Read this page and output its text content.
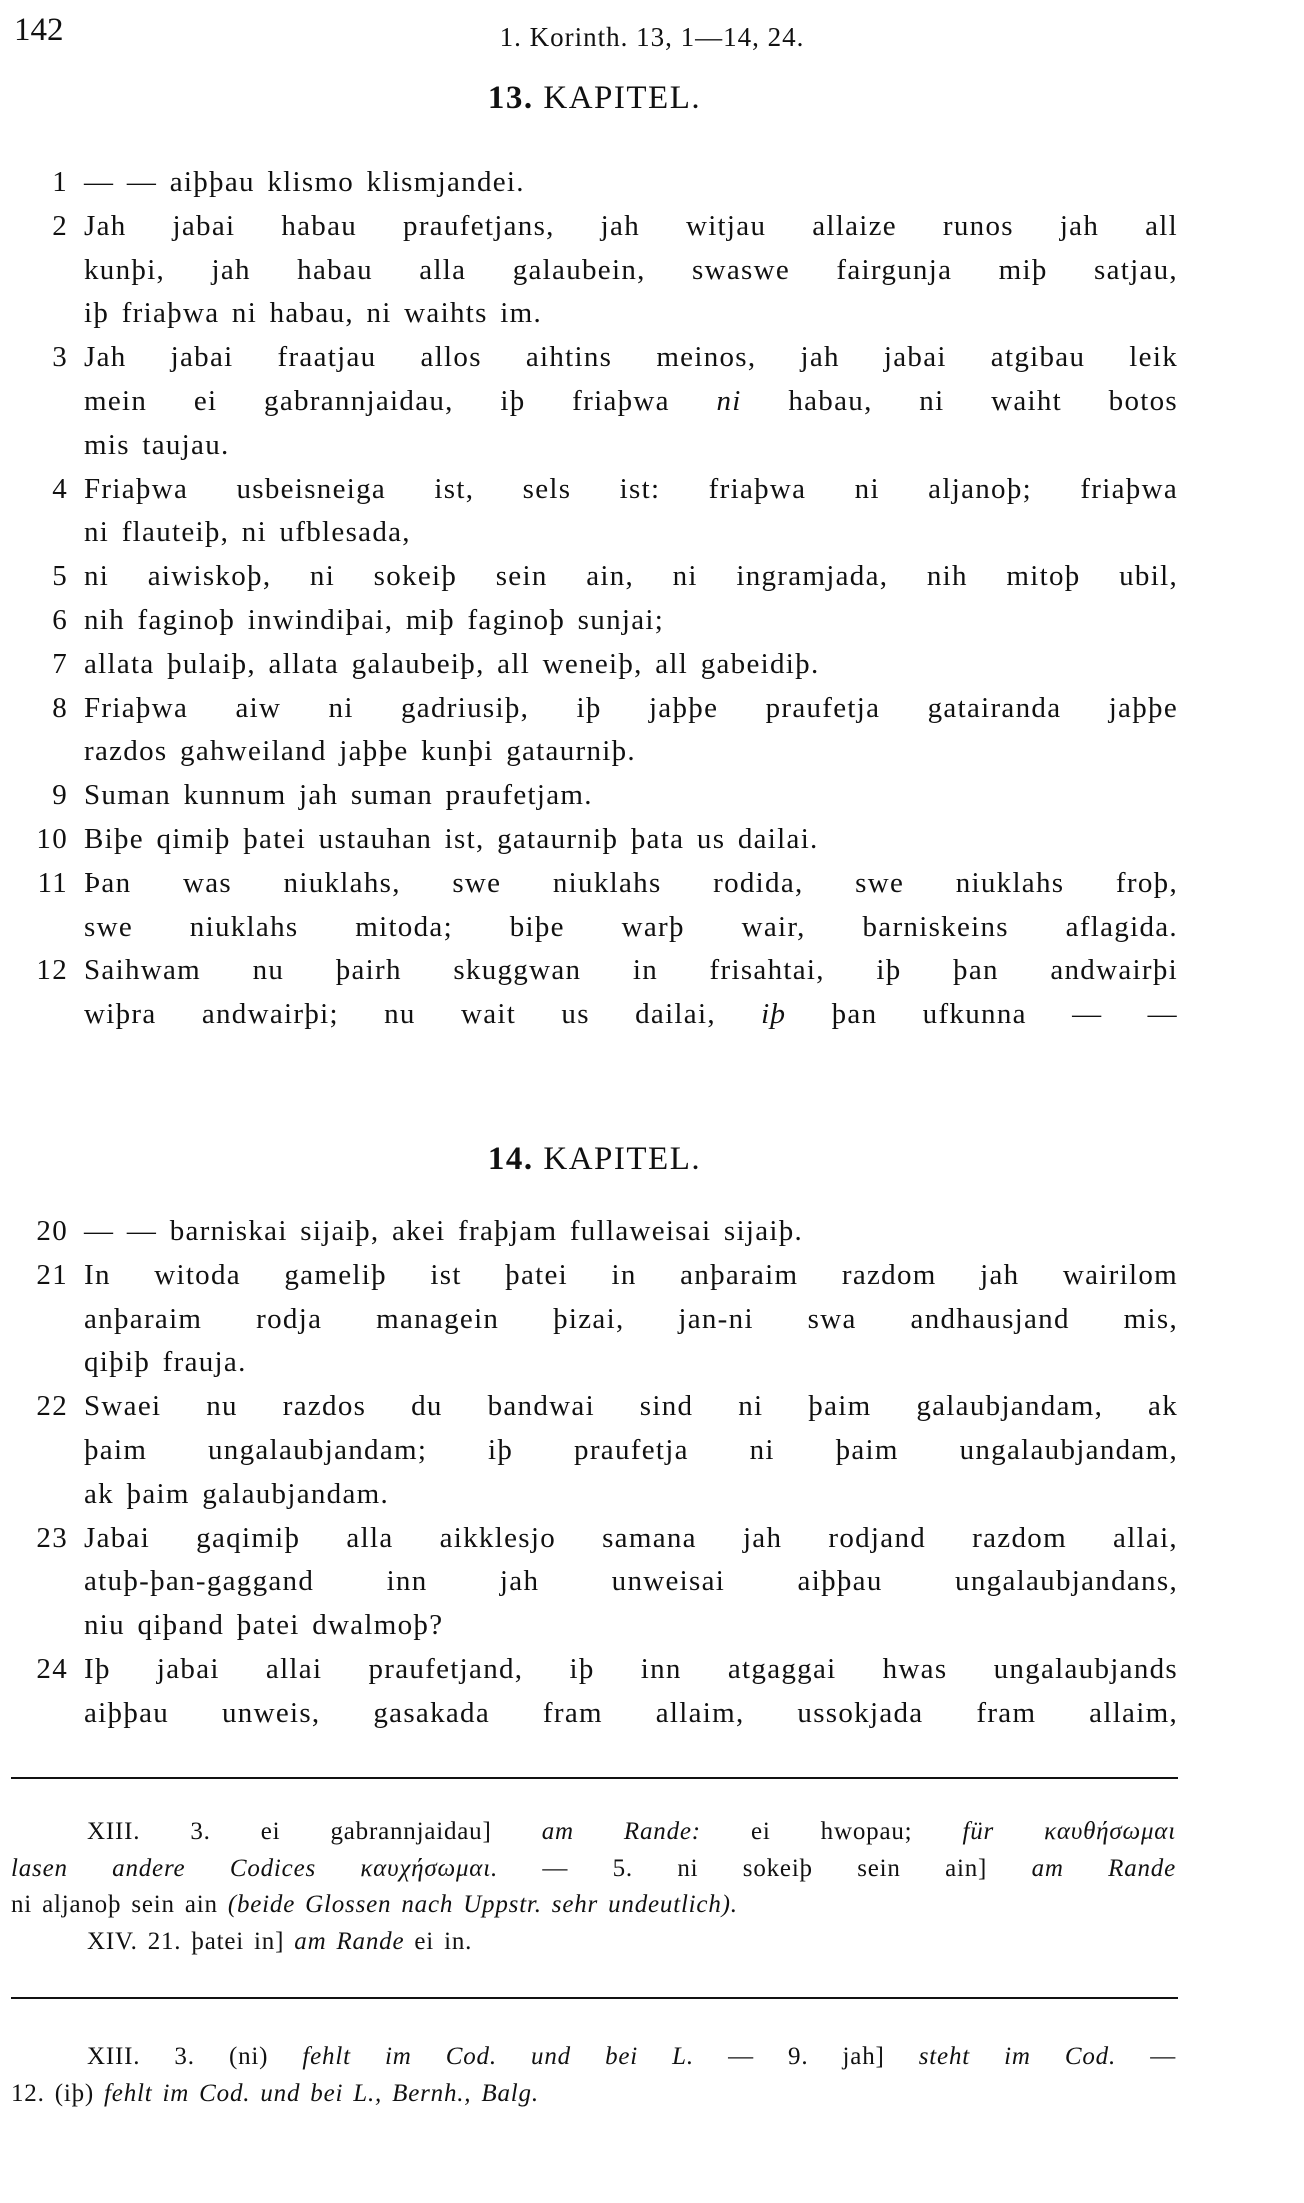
142	1. Korinth. 13, 1—14, 24.
13. KAPITEL.
1 — — aiþþau klismo klismjandei.
2 Jah jabai habau praufetjans, jah witjau allaize runos jah all
kunþi, jah habau alla galaubein, swaswe fairgunja miþ satjau,
iþ friaþwa ni habau, ni waihts im.
3 Jah jabai fraatjau allos aihtins meinos, jah jabai atgibau leik
mein ei gabrannjaidau, iþ friaþwa ni habau, ni waiht botos
mis taujau.
4 Friaþwa usbeisneiga ist, sels ist: friaþwa ni aljanoþ; friaþwa
ni flauteiþ, ni ufblesada,
5 ni aiwiskoþ, ni sokeiþ sein ain, ni ingramjada, nih mitoþ ubil,
6 nih faginoþ inwindiþai, miþ faginoþ sunjai;
7 allata þulaiþ, allata galaubeiþ, all weneiþ, all gabeidiþ.
8 Friaþwa aiw ni gadriusiþ, iþ jaþþe praufetja gatairanda jaþþe
razdos gahweiland jaþþe kunþi gataurniþ.
9 Suman kunnum jah suman praufetjam.
10 Biþe qimiþ þatei ustauhan ist, gataurniþ þata us dailai.
11 Þan was niuklahs, swe niuklahs rodida, swe niuklahs froþ,
swe niuklahs mitoda; biþe warþ wair, barniskeins aflagida.
12 Saihwam nu þairh skuggwan in frisahtai, iþ þan andwairþi
wiþra andwairþi; nu wait us dailai, iþ þan ufkunna — —
14. KAPITEL.
20 — — barniskai sijaiþ, akei fraþjam fullaweisai sijaiþ.
21 In witoda gameliþ ist þatei in anþaraim razdom jah wairilom
anþaraim rodja managein þizai, jan-ni swa andhausjand mis,
qiþiþ frauja.
22 Swaei nu razdos du bandwai sind ni þaim galaubjandam, ak
þaim ungalaubjandam; iþ praufetja ni þaim ungalaubjandam,
ak þaim galaubjandam.
23 Jabai gaqimiþ alla aikklesjo samana jah rodjand razdom allai,
atuþ-þan-gaggand inn jah unweisai aiþþau ungalaubjandans,
niu qiþand þatei dwalmoþ?
24 Iþ jabai allai praufetjand, iþ inn atgaggai hwas ungalaubjands
aiþþau unweis, gasakada fram allaim, ussokjada fram allaim,
XIII. 3. ei gabrannjaidau] am Rande: ei hwopau; für καυθήσωμαι
lasen andere Codices καυχήσωμαι. — 5. ni sokeiþ sein ain] am Rande
ni aljanoþ sein ain (beide Glossen nach Uppstr. sehr undeutlich).
XIV. 21. þatei in] am Rande ei in.
XIII. 3. (ni) fehlt im Cod. und bei L. — 9. jah] steht im Cod. —
12. (iþ) fehlt im Cod. und bei L., Bernh., Balg.
